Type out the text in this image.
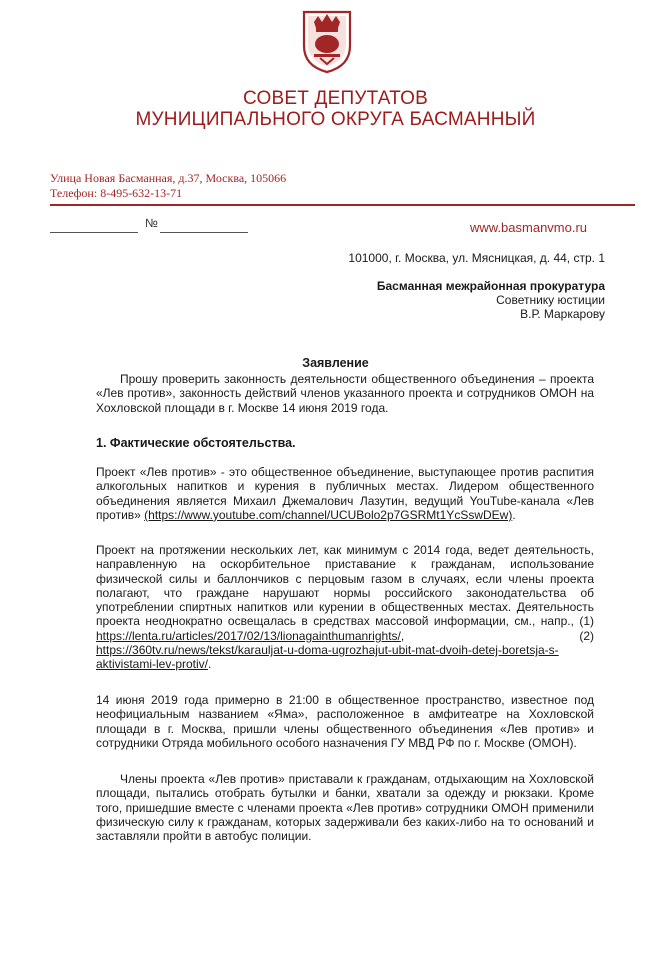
СОВЕТ ДЕПУТАТОВ
МУНИЦИПАЛЬНОГО ОКРУГА БАСМАННЫЙ
Улица Новая Басманная, д.37, Москва, 105066
Телефон: 8-495-632-13-71
№	www.basmanvmo.ru
101000, г. Москва, ул. Мясницкая, д. 44, стр. 1
Басманная межрайонная прокуратура
Советнику юстиции
В.Р. Маркарову
Заявление

Прошу проверить законность деятельности общественного объединения – проекта «Лев против», законность действий членов указанного проекта и сотрудников ОМОН на Хохловской площади в г. Москве 14 июня 2019 года.

1. Фактические обстоятельства.

Проект «Лев против» - это общественное объединение, выступающее против распития алкогольных напитков и курения в публичных местах. Лидером общественного объединения является Михаил Джемалович Лазутин, ведущий YouTube-канала «Лев против» (https://www.youtube.com/channel/UCUBolo2p7GSRMt1YcSswDEw).

Проект на протяжении нескольких лет, как минимум с 2014 года, ведет деятельность, направленную на оскорбительное приставание к гражданам, использование физической силы и баллончиков с перцовым газом в случаях, если члены проекта полагают, что граждане нарушают нормы российского законодательства об употреблении спиртных напитков или курении в общественных местах. Деятельность проекта неоднократно освещалась в средствах массовой информации, см., напр., (1) https://lenta.ru/articles/2017/02/13/lionagainthumanrights/, (2) https://360tv.ru/news/tekst/karauljat-u-doma-ugrozhajut-ubit-mat-dvoih-detej-boretsja-s-aktivistami-lev-protiv/.

14 июня 2019 года примерно в 21:00 в общественное пространство, известное под неофициальным названием «Яма», расположенное в амфитеатре на Хохловской площади в г. Москва, пришли члены общественного объединения «Лев против» и сотрудники Отряда мобильного особого назначения ГУ МВД РФ по г. Москве (ОМОН).

Члены проекта «Лев против» приставали к гражданам, отдыхающим на Хохловской площади, пытались отобрать бутылки и банки, хватали за одежду и рюкзаки. Кроме того, пришедшие вместе с членами проекта «Лев против» сотрудники ОМОН применили физическую силу к гражданам, которых задерживали без каких-либо на то оснований и заставляли пройти в автобус полиции.
